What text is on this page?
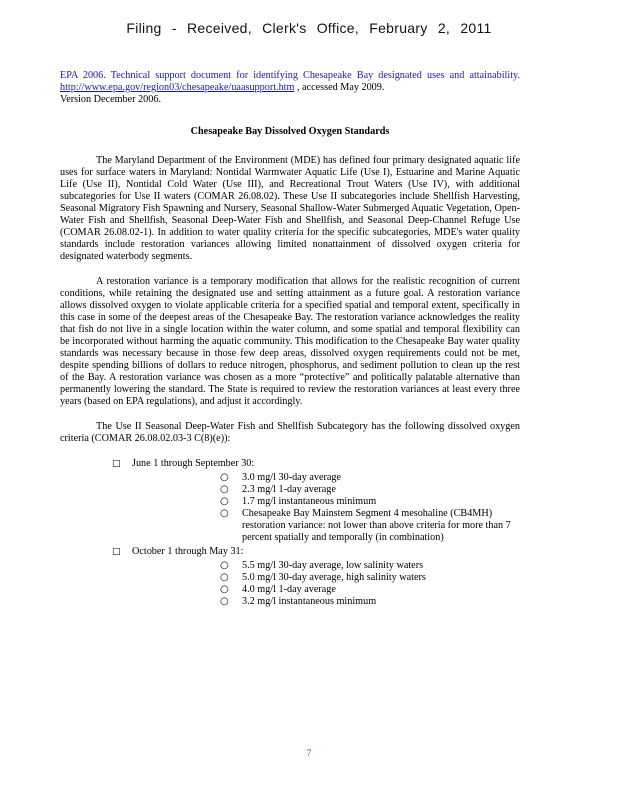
Filing - Received, Clerk's Office, February 2, 2011
EPA 2006. Technical support document for identifying Chesapeake Bay designated uses and attainability. http://www.epa.gov/region03/chesapeake/uaasupport.htm , accessed May 2009.
Version December 2006.
Chesapeake Bay Dissolved Oxygen Standards

The Maryland Department of the Environment (MDE) has defined four primary designated aquatic life uses for surface waters in Maryland: Nontidal Warmwater Aquatic Life (Use I), Estuarine and Marine Aquatic Life (Use II), Nontidal Cold Water (Use III), and Recreational Trout Waters (Use IV), with additional subcategories for Use II waters (COMAR 26.08.02). These Use II subcategories include Shellfish Harvesting, Seasonal Migratory Fish Spawning and Nursery, Seasonal Shallow-Water Submerged Aquatic Vegetation, Open-Water Fish and Shellfish, Seasonal Deep-Water Fish and Shellfish, and Seasonal Deep-Channel Refuge Use (COMAR 26.08.02-1). In addition to water quality criteria for the specific subcategories, MDE's water quality standards include restoration variances allowing limited nonattainment of dissolved oxygen criteria for designated waterbody segments.

A restoration variance is a temporary modification that allows for the realistic recognition of current conditions, while retaining the designated use and setting attainment as a future goal. A restoration variance allows dissolved oxygen to violate applicable criteria for a specified spatial and temporal extent, specifically in this case in some of the deepest areas of the Chesapeake Bay. The restoration variance acknowledges the reality that fish do not live in a single location within the water column, and some spatial and temporal flexibility can be incorporated without harming the aquatic community. This modification to the Chesapeake Bay water quality standards was necessary because in those few deep areas, dissolved oxygen requirements could not be met, despite spending billions of dollars to reduce nitrogen, phosphorus, and sediment pollution to clean up the rest of the Bay. A restoration variance was chosen as a more “protective” and politically palatable alternative than permanently lowering the standard. The State is required to review the restoration variances at least every three years (based on EPA regulations), and adjust it accordingly.

The Use II Seasonal Deep-Water Fish and Shellfish Subcategory has the following dissolved oxygen criteria (COMAR 26.08.02.03-3 C(8)(e)):

□ June 1 through September 30:
○ 3.0 mg/l 30-day average
○ 2.3 mg/l 1-day average
○ 1.7 mg/l instantaneous minimum
○ Chesapeake Bay Mainstem Segment 4 mesohaline (CB4MH) restoration variance: not lower than above criteria for more than 7 percent spatially and temporally (in combination)
□ October 1 through May 31:
○ 5.5 mg/l 30-day average, low salinity waters
○ 5.0 mg/l 30-day average, high salinity waters
○ 4.0 mg/l 1-day average
○ 3.2 mg/l instantaneous minimum
7
